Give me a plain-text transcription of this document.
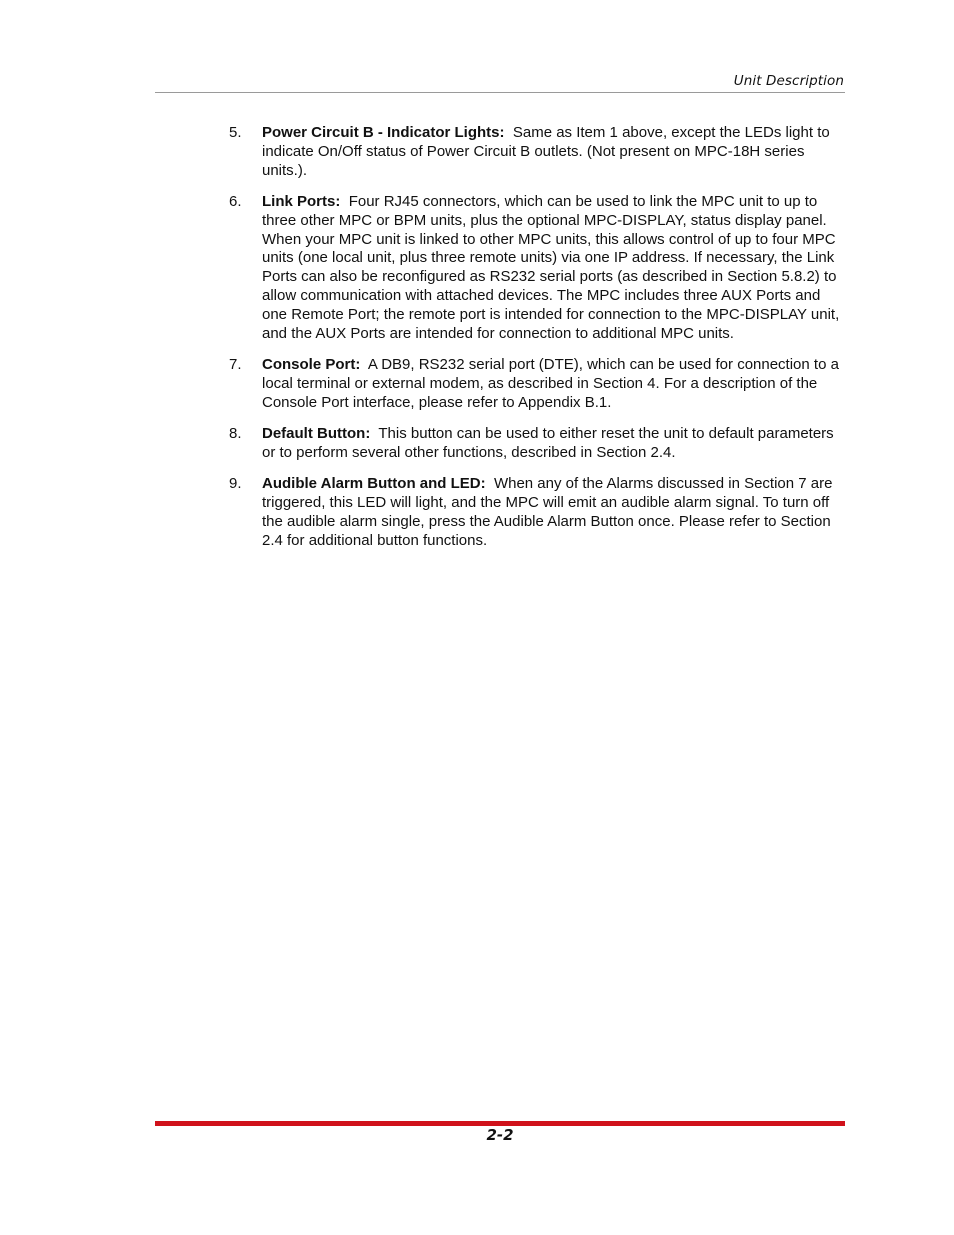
Unit Description
5.	Power Circuit B - Indicator Lights: Same as Item 1 above, except the LEDs light to indicate On/Off status of Power Circuit B outlets. (Not present on MPC-18H series units.).
6.	Link Ports: Four RJ45 connectors, which can be used to link the MPC unit to up to three other MPC or BPM units, plus the optional MPC-DISPLAY, status display panel. When your MPC unit is linked to other MPC units, this allows control of up to four MPC units (one local unit, plus three remote units) via one IP address. If necessary, the Link Ports can also be reconfigured as RS232 serial ports (as described in Section 5.8.2) to allow communication with attached devices. The MPC includes three AUX Ports and one Remote Port; the remote port is intended for connection to the MPC-DISPLAY unit, and the AUX Ports are intended for connection to additional MPC units.
7.	Console Port: A DB9, RS232 serial port (DTE), which can be used for connection to a local terminal or external modem, as described in Section 4. For a description of the Console Port interface, please refer to Appendix B.1.
8.	Default Button: This button can be used to either reset the unit to default parameters or to perform several other functions, described in Section 2.4.
9.	Audible Alarm Button and LED: When any of the Alarms discussed in Section 7 are triggered, this LED will light, and the MPC will emit an audible alarm signal. To turn off the audible alarm single, press the Audible Alarm Button once. Please refer to Section 2.4 for additional button functions.
2-2
